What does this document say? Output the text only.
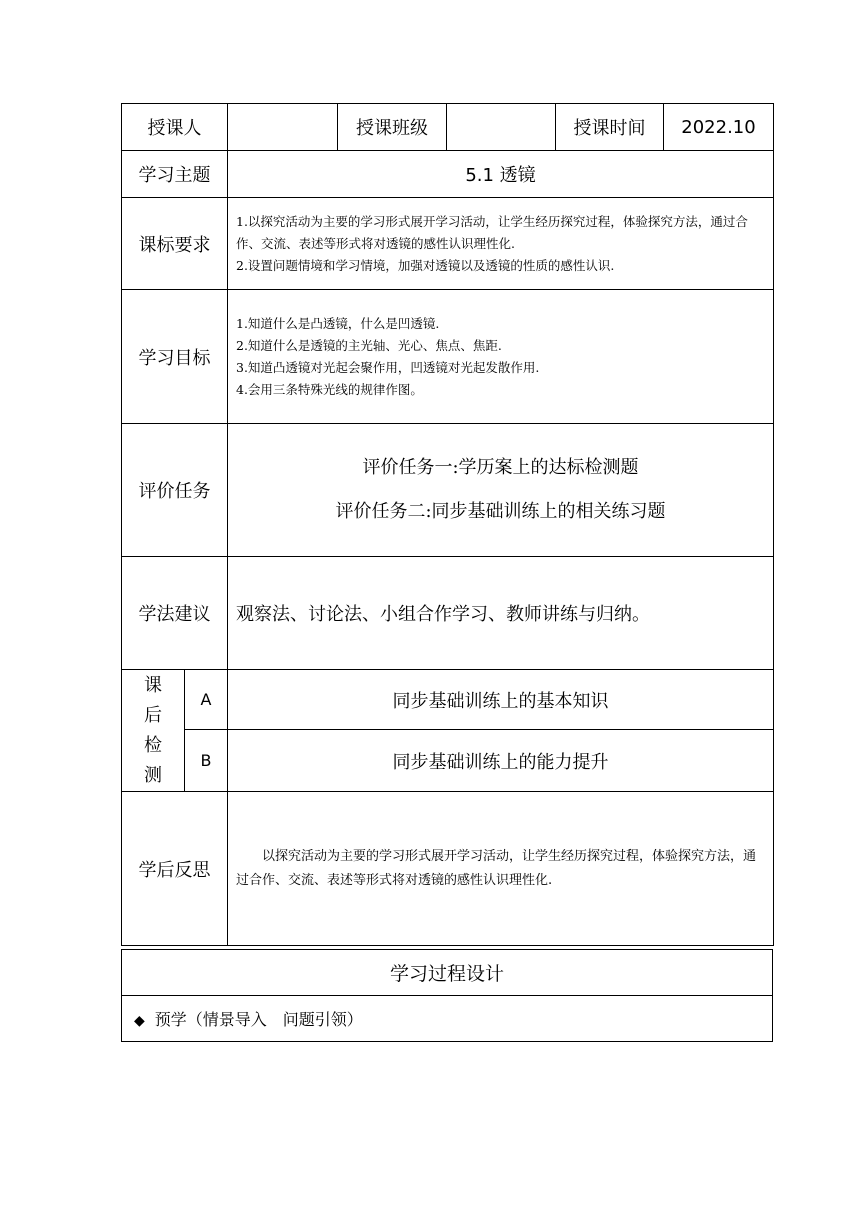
授课人			授课班级		授课时间	2022.10
学习主题		5.1 透镜				
课标要求		1.以探究活动为主要的学习形式展开学习活动，让学生经历探究过程，体验探究方法，通过合作、交流、表述等形式将对透镜的感性认识理性化.
2.设置问题情境和学习情境，加强对透镜以及透镜的性质的感性认识.				

学习目标		1.知道什么是凸透镜，什么是凹透镜.
2.知道什么是透镜的主光轴、光心、焦点、焦距.
3.知道凸透镜对光起会聚作用，凹透镜对光起发散作用.
4.会用三条特殊光线的规律作图。				

评价任务		评价任务一:学历案上的达标检测题
评价任务二:同步基础训练上的相关练习题				

学法建议		观察法、讨论法、小组合作学习、教师讲练与归纳。				

课
后
检
测	A	同步基础训练上的基本知识				
	B	同步基础训练上的能力提升				
学后反思		以探究活动为主要的学习形式展开学习活动，让学生经历探究过程，体验探究方法，通过合作、交流、表述等形式将对透镜的感性认识理性化.				
学习过程设计
◆ 预学（情景导入　问题引领）
